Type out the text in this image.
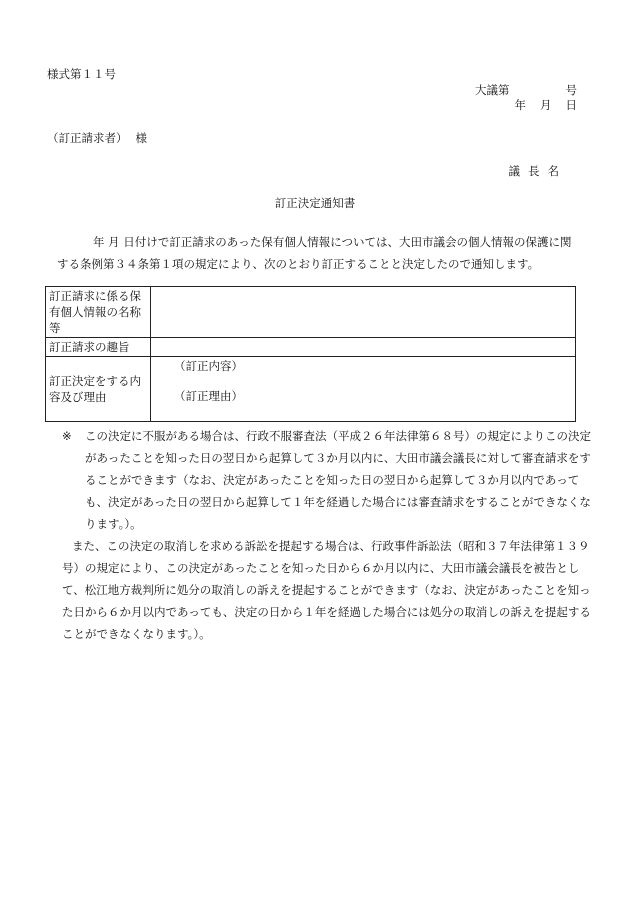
様式第１１号
大議第	号
年 月 日
（訂正請求者） 様
議長名
訂正決定通知書

年 月 日付けで訂正請求のあった保有個人情報については、大田市議会の個人情報の保護に関する条例第３４条第１項の規定により、次のとおり訂正することと決定したので通知します。

訂正請求に係る保有個人情報の名称等	
訂正請求の趣旨	
訂正決定をする内容及び理由	（訂正内容）
（訂正理由）

※ この決定に不服がある場合は、行政不服審査法（平成２６年法律第６８号）の規定によりこの決定があったことを知った日の翌日から起算して３か月以内に、大田市議会議長に対して審査請求をすることができます（なお、決定があったことを知った日の翌日から起算して３か月以内であっても、決定があった日の翌日から起算して１年を経過した場合には審査請求をすることができなくなります。）。

また、この決定の取消しを求める訴訟を提起する場合は、行政事件訴訟法（昭和３７年法律第１３９号）の規定により、この決定があったことを知った日から６か月以内に、大田市議会議長を被告として、松江地方裁判所に処分の取消しの訴えを提起することができます（なお、決定があったことを知った日から６か月以内であっても、決定の日から１年を経過した場合には処分の取消しの訴えを提起することができなくなります。）。
